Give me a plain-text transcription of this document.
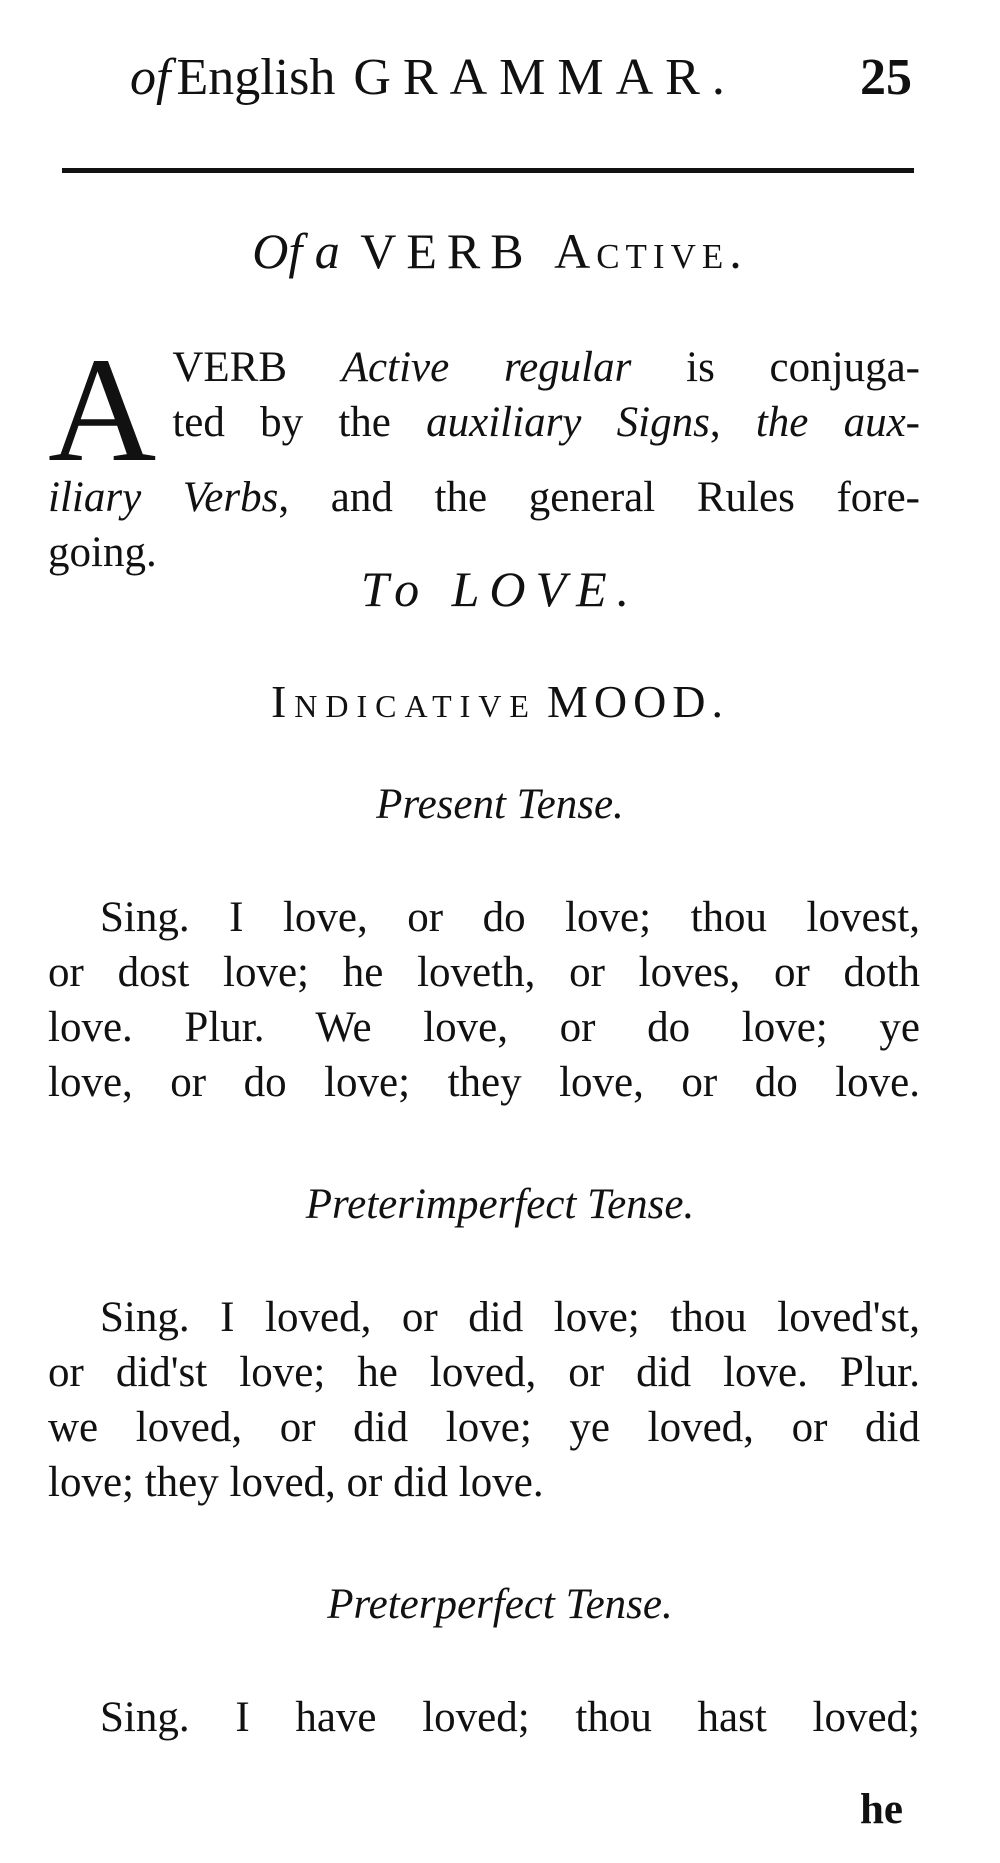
of English GRAMMAR. 25
Of a VERB Active.
A VERB Active regular is conjuga-
ted by the auxiliary Signs, the aux-
iliary Verbs, and the general Rules fore-
going.
To LOVE.
Indicative MOOD.
Present Tense.
Sing. I love, or do love; thou lovest,
or dost love; he loveth, or loves, or doth
love. Plur. We love, or do love; ye
love, or do love; they love, or do love.
Preterimperfect Tense.
Sing. I loved, or did love; thou loved'st,
or did'st love; he loved, or did love. Plur.
we loved, or did love; ye loved, or did
love; they loved, or did love.
Preterperfect Tense.
Sing. I have loved; thou hast loved;
he
